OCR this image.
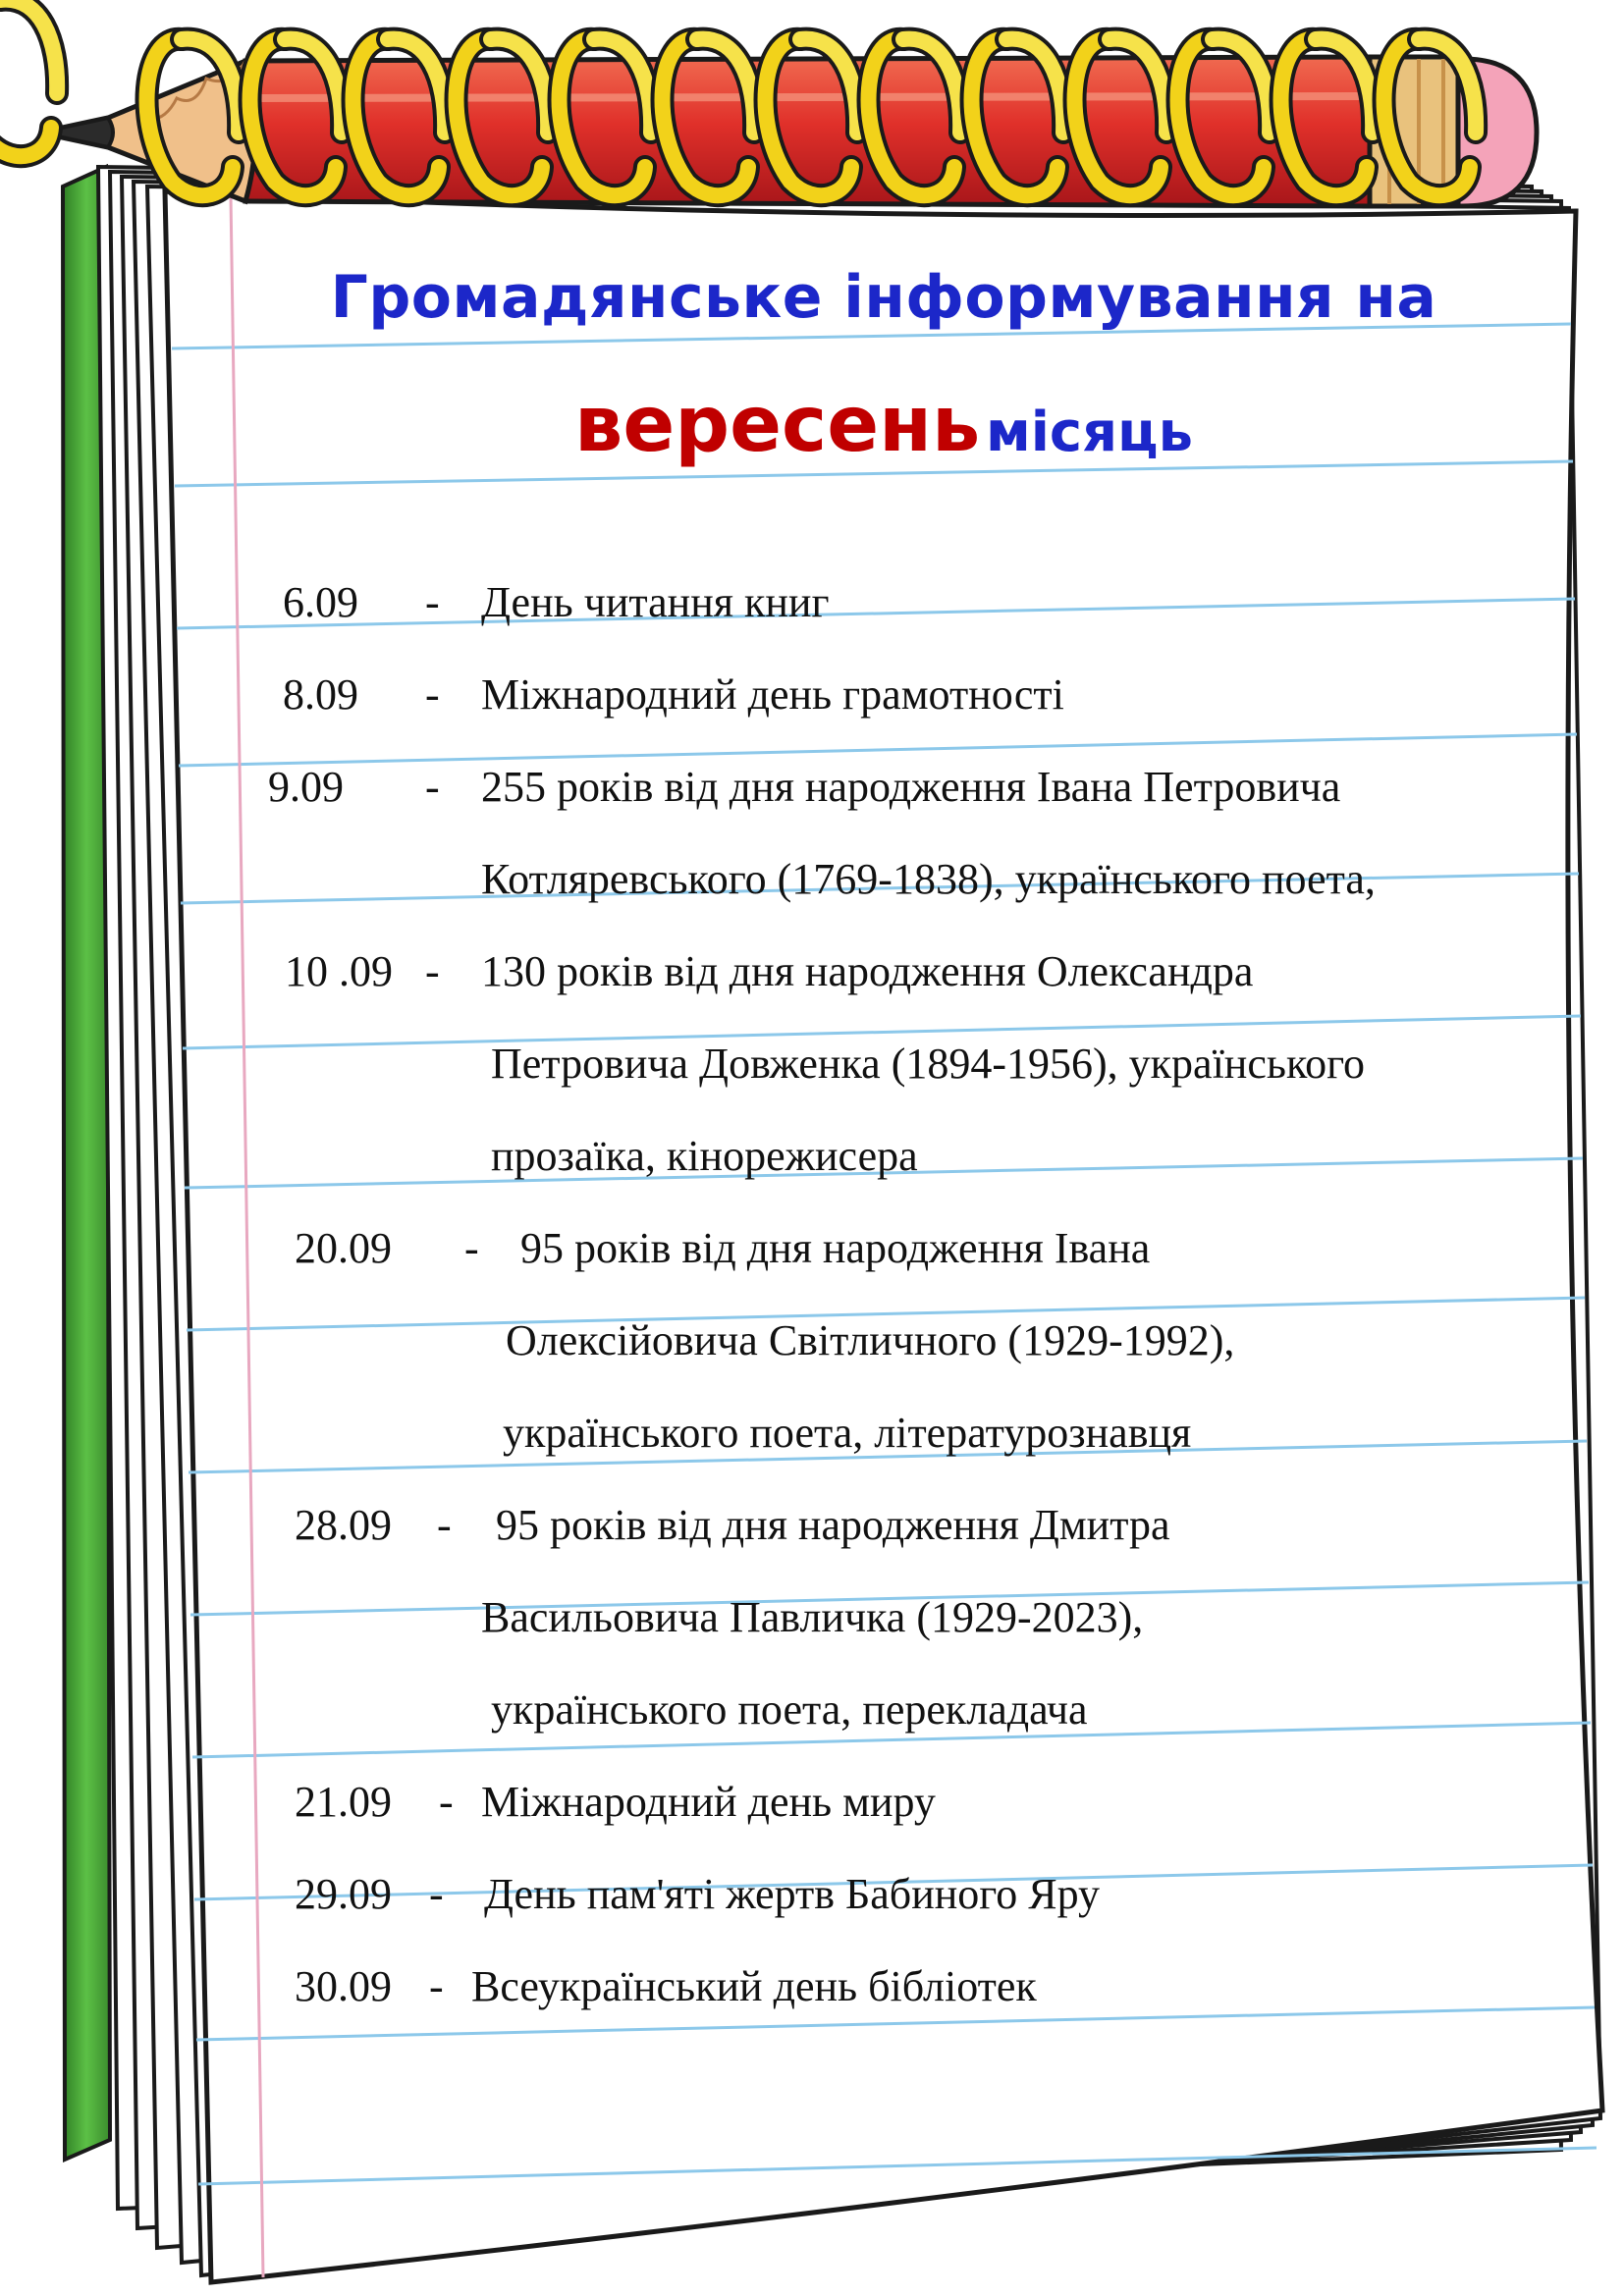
Громадянське інформування на
вересень місяць
6.09 - День читання книг
8.09 - Міжнародний день грамотності
9.09 - 255 років від дня народження Івана Петровича
Котляревського (1769-1838), українського поета,
10 .09 - 130 років від дня народження Олександра
Петровича Довженка (1894-1956), українського
прозаїка, кінорежисера
20.09 - 95 років від дня народження Івана
Олексійовича Світличного (1929-1992),
українського поета, літературознавця
28.09 - 95 років від дня народження Дмитра
Васильовича Павличка (1929-2023),
українського поета, перекладача
21.09 - Міжнародний день миру
29.09 - День пам'яті жертв Бабиного Яру
30.09 - Всеукраїнський день бібліотек
